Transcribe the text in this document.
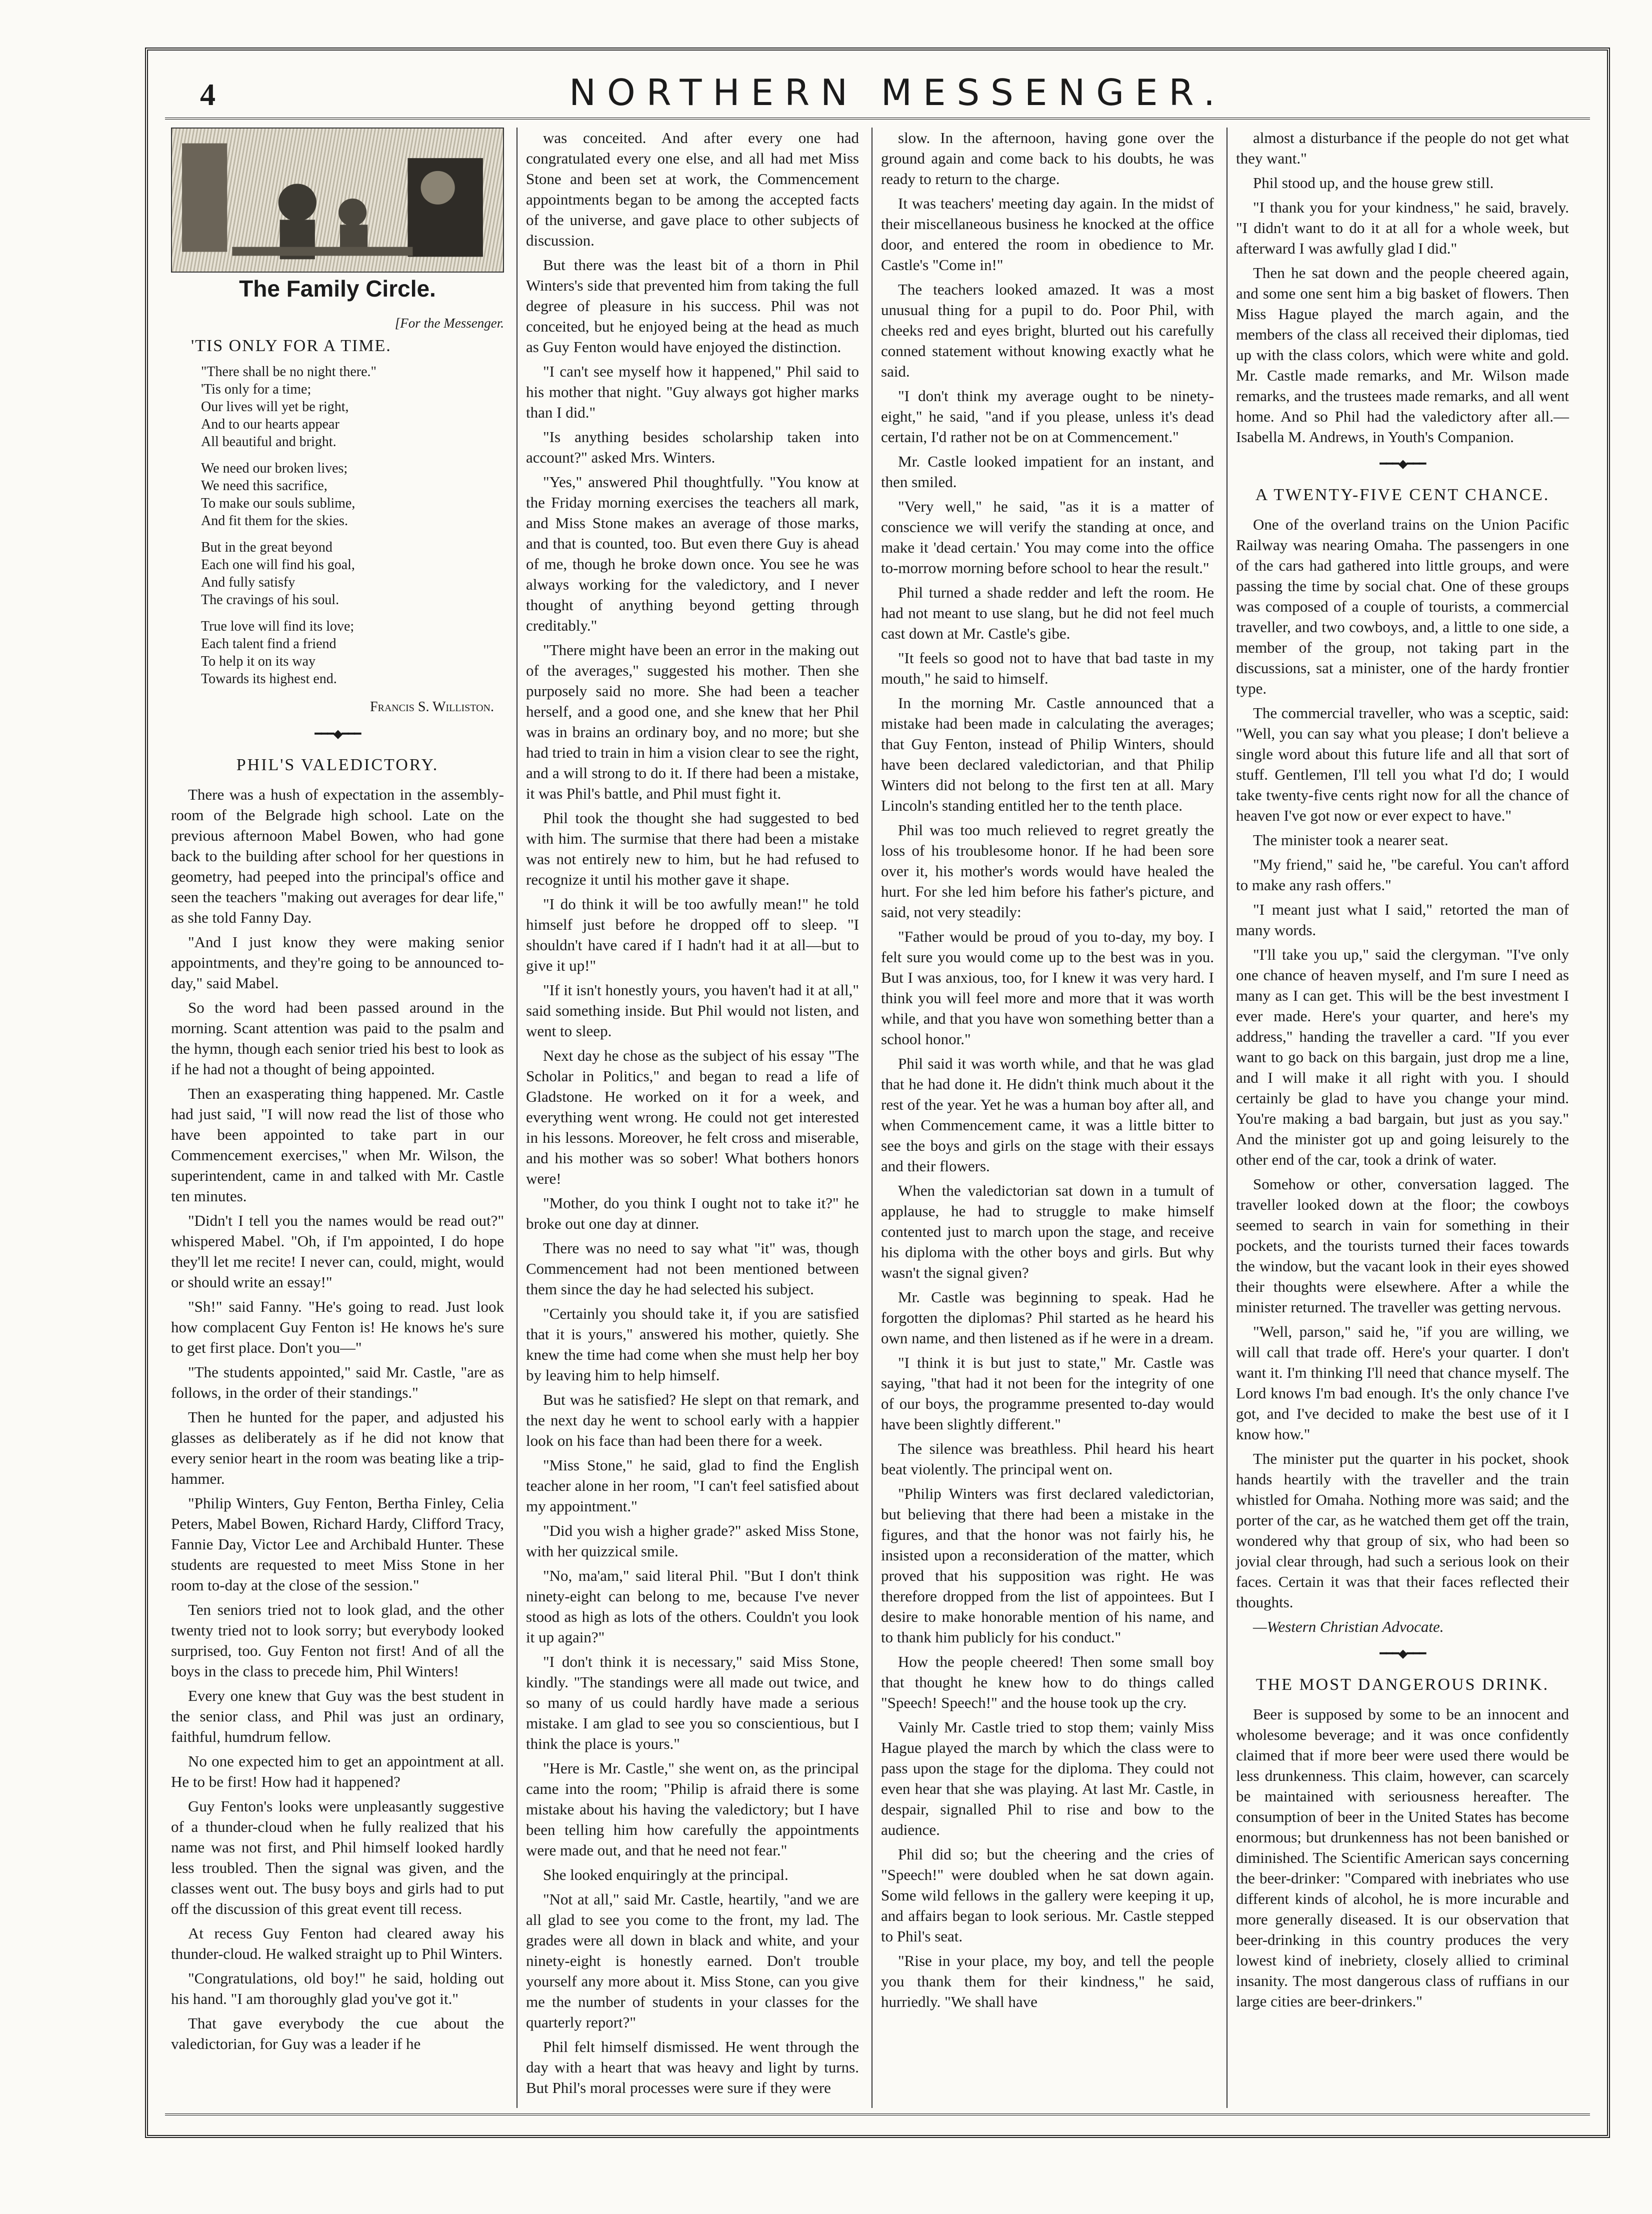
4	NORTHERN MESSENGER.
The Family Circle.
[For the Messenger.
'TIS ONLY FOR A TIME.
"There shall be no night there."
'Tis only for a time;
Our lives will yet be right,
And to our hearts appear
All beautiful and bright.
We need our broken lives;
We need this sacrifice,
To make our souls sublime,
And fit them for the skies.
But in the great beyond
Each one will find his goal,
And fully satisfy
The cravings of his soul.
True love will find its love;
Each talent find a friend
To help it on its way
Towards its highest end.
Francis S. Williston.
━━━◆━━━
PHIL'S VALEDICTORY.

There was a hush of expectation in the assembly-room of the Belgrade high school. Late on the previous afternoon Mabel Bowen, who had gone back to the building after school for her questions in geometry, had peeped into the principal's office and seen the teachers "making out averages for dear life," as she told Fanny Day.

"And I just know they were making senior appointments, and they're going to be announced to-day," said Mabel.

So the word had been passed around in the morning. Scant attention was paid to the psalm and the hymn, though each senior tried his best to look as if he had not a thought of being appointed.

Then an exasperating thing happened. Mr. Castle had just said, "I will now read the list of those who have been appointed to take part in our Commencement exercises," when Mr. Wilson, the superintendent, came in and talked with Mr. Castle ten minutes.

"Didn't I tell you the names would be read out?" whispered Mabel. "Oh, if I'm appointed, I do hope they'll let me recite! I never can, could, might, would or should write an essay!"

"Sh!" said Fanny. "He's going to read. Just look how complacent Guy Fenton is! He knows he's sure to get first place. Don't you—"

"The students appointed," said Mr. Castle, "are as follows, in the order of their standings."

Then he hunted for the paper, and adjusted his glasses as deliberately as if he did not know that every senior heart in the room was beating like a trip-hammer.

"Philip Winters, Guy Fenton, Bertha Finley, Celia Peters, Mabel Bowen, Richard Hardy, Clifford Tracy, Fannie Day, Victor Lee and Archibald Hunter. These students are requested to meet Miss Stone in her room to-day at the close of the session."

Ten seniors tried not to look glad, and the other twenty tried not to look sorry; but everybody looked surprised, too. Guy Fenton not first! And of all the boys in the class to precede him, Phil Winters!

Every one knew that Guy was the best student in the senior class, and Phil was just an ordinary, faithful, humdrum fellow.

No one expected him to get an appointment at all. He to be first! How had it happened?

Guy Fenton's looks were unpleasantly suggestive of a thunder-cloud when he fully realized that his name was not first, and Phil himself looked hardly less troubled. Then the signal was given, and the classes went out. The busy boys and girls had to put off the discussion of this great event till recess.

At recess Guy Fenton had cleared away his thunder-cloud. He walked straight up to Phil Winters.

"Congratulations, old boy!" he said, holding out his hand. "I am thoroughly glad you've got it."

That gave everybody the cue about the valedictorian, for Guy was a leader if he

was conceited. And after every one had congratulated every one else, and all had met Miss Stone and been set at work, the Commencement appointments began to be among the accepted facts of the universe, and gave place to other subjects of discussion.

But there was the least bit of a thorn in Phil Winters's side that prevented him from taking the full degree of pleasure in his success. Phil was not conceited, but he enjoyed being at the head as much as Guy Fenton would have enjoyed the distinction.

"I can't see myself how it happened," Phil said to his mother that night. "Guy always got higher marks than I did."

"Is anything besides scholarship taken into account?" asked Mrs. Winters.

"Yes," answered Phil thoughtfully. "You know at the Friday morning exercises the teachers all mark, and Miss Stone makes an average of those marks, and that is counted, too. But even there Guy is ahead of me, though he broke down once. You see he was always working for the valedictory, and I never thought of anything beyond getting through creditably."

"There might have been an error in the making out of the averages," suggested his mother. Then she purposely said no more. She had been a teacher herself, and a good one, and she knew that her Phil was in brains an ordinary boy, and no more; but she had tried to train in him a vision clear to see the right, and a will strong to do it. If there had been a mistake, it was Phil's battle, and Phil must fight it.

Phil took the thought she had suggested to bed with him. The surmise that there had been a mistake was not entirely new to him, but he had refused to recognize it until his mother gave it shape.

"I do think it will be too awfully mean!" he told himself just before he dropped off to sleep. "I shouldn't have cared if I hadn't had it at all—but to give it up!"

"If it isn't honestly yours, you haven't had it at all," said something inside. But Phil would not listen, and went to sleep.

Next day he chose as the subject of his essay "The Scholar in Politics," and began to read a life of Gladstone. He worked on it for a week, and everything went wrong. He could not get interested in his lessons. Moreover, he felt cross and miserable, and his mother was so sober! What bothers honors were!

"Mother, do you think I ought not to take it?" he broke out one day at dinner.

There was no need to say what "it" was, though Commencement had not been mentioned between them since the day he had selected his subject.

"Certainly you should take it, if you are satisfied that it is yours," answered his mother, quietly. She knew the time had come when she must help her boy by leaving him to help himself.

But was he satisfied? He slept on that remark, and the next day he went to school early with a happier look on his face than had been there for a week.

"Miss Stone," he said, glad to find the English teacher alone in her room, "I can't feel satisfied about my appointment."

"Did you wish a higher grade?" asked Miss Stone, with her quizzical smile.

"No, ma'am," said literal Phil. "But I don't think ninety-eight can belong to me, because I've never stood as high as lots of the others. Couldn't you look it up again?"

"I don't think it is necessary," said Miss Stone, kindly. "The standings were all made out twice, and so many of us could hardly have made a serious mistake. I am glad to see you so conscientious, but I think the place is yours."

"Here is Mr. Castle," she went on, as the principal came into the room; "Philip is afraid there is some mistake about his having the valedictory; but I have been telling him how carefully the appointments were made out, and that he need not fear."

She looked enquiringly at the principal.

"Not at all," said Mr. Castle, heartily, "and we are all glad to see you come to the front, my lad. The grades were all down in black and white, and your ninety-eight is honestly earned. Don't trouble yourself any more about it. Miss Stone, can you give me the number of students in your classes for the quarterly report?"

Phil felt himself dismissed. He went through the day with a heart that was heavy and light by turns. But Phil's moral processes were sure if they were

slow. In the afternoon, having gone over the ground again and come back to his doubts, he was ready to return to the charge.

It was teachers' meeting day again. In the midst of their miscellaneous business he knocked at the office door, and entered the room in obedience to Mr. Castle's "Come in!"

The teachers looked amazed. It was a most unusual thing for a pupil to do. Poor Phil, with cheeks red and eyes bright, blurted out his carefully conned statement without knowing exactly what he said.

"I don't think my average ought to be ninety-eight," he said, "and if you please, unless it's dead certain, I'd rather not be on at Commencement."

Mr. Castle looked impatient for an instant, and then smiled.

"Very well," he said, "as it is a matter of conscience we will verify the standing at once, and make it 'dead certain.' You may come into the office to-morrow morning before school to hear the result."

Phil turned a shade redder and left the room. He had not meant to use slang, but he did not feel much cast down at Mr. Castle's gibe.

"It feels so good not to have that bad taste in my mouth," he said to himself.

In the morning Mr. Castle announced that a mistake had been made in calculating the averages; that Guy Fenton, instead of Philip Winters, should have been declared valedictorian, and that Philip Winters did not belong to the first ten at all. Mary Lincoln's standing entitled her to the tenth place.

Phil was too much relieved to regret greatly the loss of his troublesome honor. If he had been sore over it, his mother's words would have healed the hurt. For she led him before his father's picture, and said, not very steadily:

"Father would be proud of you to-day, my boy. I felt sure you would come up to the best was in you. But I was anxious, too, for I knew it was very hard. I think you will feel more and more that it was worth while, and that you have won something better than a school honor."

Phil said it was worth while, and that he was glad that he had done it. He didn't think much about it the rest of the year. Yet he was a human boy after all, and when Commencement came, it was a little bitter to see the boys and girls on the stage with their essays and their flowers.

When the valedictorian sat down in a tumult of applause, he had to struggle to make himself contented just to march upon the stage, and receive his diploma with the other boys and girls. But why wasn't the signal given?

Mr. Castle was beginning to speak. Had he forgotten the diplomas? Phil started as he heard his own name, and then listened as if he were in a dream.

"I think it is but just to state," Mr. Castle was saying, "that had it not been for the integrity of one of our boys, the programme presented to-day would have been slightly different."

The silence was breathless. Phil heard his heart beat violently. The principal went on.

"Philip Winters was first declared valedictorian, but believing that there had been a mistake in the figures, and that the honor was not fairly his, he insisted upon a reconsideration of the matter, which proved that his supposition was right. He was therefore dropped from the list of appointees. But I desire to make honorable mention of his name, and to thank him publicly for his conduct."

How the people cheered! Then some small boy that thought he knew how to do things called "Speech! Speech!" and the house took up the cry.

Vainly Mr. Castle tried to stop them; vainly Miss Hague played the march by which the class were to pass upon the stage for the diploma. They could not even hear that she was playing. At last Mr. Castle, in despair, signalled Phil to rise and bow to the audience.

Phil did so; but the cheering and the cries of "Speech!" were doubled when he sat down again. Some wild fellows in the gallery were keeping it up, and affairs began to look serious. Mr. Castle stepped to Phil's seat.

"Rise in your place, my boy, and tell the people you thank them for their kindness," he said, hurriedly. "We shall have

almost a disturbance if the people do not get what they want."

Phil stood up, and the house grew still.

"I thank you for your kindness," he said, bravely. "I didn't want to do it at all for a whole week, but afterward I was awfully glad I did."

Then he sat down and the people cheered again, and some one sent him a big basket of flowers. Then Miss Hague played the march again, and the members of the class all received their diplomas, tied up with the class colors, which were white and gold. Mr. Castle made remarks, and Mr. Wilson made remarks, and the trustees made remarks, and all went home. And so Phil had the valedictory after all.— Isabella M. Andrews, in Youth's Companion.

━━━◆━━━
A TWENTY-FIVE CENT CHANCE.

One of the overland trains on the Union Pacific Railway was nearing Omaha. The passengers in one of the cars had gathered into little groups, and were passing the time by social chat. One of these groups was composed of a couple of tourists, a commercial traveller, and two cowboys, and, a little to one side, a member of the group, not taking part in the discussions, sat a minister, one of the hardy frontier type.

The commercial traveller, who was a sceptic, said: "Well, you can say what you please; I don't believe a single word about this future life and all that sort of stuff. Gentlemen, I'll tell you what I'd do; I would take twenty-five cents right now for all the chance of heaven I've got now or ever expect to have."

The minister took a nearer seat.

"My friend," said he, "be careful. You can't afford to make any rash offers."

"I meant just what I said," retorted the man of many words.

"I'll take you up," said the clergyman. "I've only one chance of heaven myself, and I'm sure I need as many as I can get. This will be the best investment I ever made. Here's your quarter, and here's my address," handing the traveller a card. "If you ever want to go back on this bargain, just drop me a line, and I will make it all right with you. I should certainly be glad to have you change your mind. You're making a bad bargain, but just as you say." And the minister got up and going leisurely to the other end of the car, took a drink of water.

Somehow or other, conversation lagged. The traveller looked down at the floor; the cowboys seemed to search in vain for something in their pockets, and the tourists turned their faces towards the window, but the vacant look in their eyes showed their thoughts were elsewhere. After a while the minister returned. The traveller was getting nervous.

"Well, parson," said he, "if you are willing, we will call that trade off. Here's your quarter. I don't want it. I'm thinking I'll need that chance myself. The Lord knows I'm bad enough. It's the only chance I've got, and I've decided to make the best use of it I know how."

The minister put the quarter in his pocket, shook hands heartily with the traveller and the train whistled for Omaha. Nothing more was said; and the porter of the car, as he watched them get off the train, wondered why that group of six, who had been so jovial clear through, had such a serious look on their faces. Certain it was that their faces reflected their thoughts.

—Western Christian Advocate.

━━━◆━━━
THE MOST DANGEROUS DRINK.

Beer is supposed by some to be an innocent and wholesome beverage; and it was once confidently claimed that if more beer were used there would be less drunkenness. This claim, however, can scarcely be maintained with seriousness hereafter. The consumption of beer in the United States has become enormous; but drunkenness has not been banished or diminished. The Scientific American says concerning the beer-drinker: "Compared with inebriates who use different kinds of alcohol, he is more incurable and more generally diseased. It is our observation that beer-drinking in this country produces the very lowest kind of inebriety, closely allied to criminal insanity. The most dangerous class of ruffians in our large cities are beer-drinkers."
